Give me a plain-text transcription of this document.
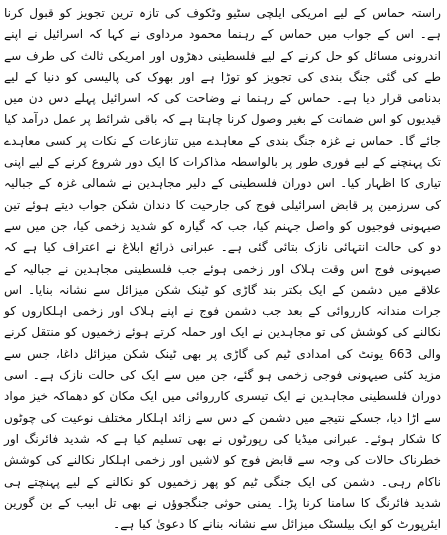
راستہ حماس کے لیے امریکی ایلچی سٹیو وٹکوف کی تازہ ترین تجویز کو قبول کرنا ہے۔ اس کے جواب میں حماس کے رہنما محمود مرداوی نے کہا کہ اسرائیل نے اپنے اندرونی مسائل کو حل کرنے کے لیے فلسطینی دھڑوں اور امریکی ثالث کی طرف سے طے کی گئی جنگ بندی کی تجویز کو توڑا ہے اور بھوک کی پالیسی کو دنیا کے لیے بدنامی قرار دیا ہے۔ حماس کے رہنما نے وضاحت کی کہ اسرائیل پہلے دس دن میں قیدیوں کو اس ضمانت کے بغیر وصول کرنا چاہتا ہے کہ باقی شرائط پر عمل درآمد کیا جائے گا۔ حماس نے غزہ جنگ بندی کے معاہدے میں تنازعات کے نکات پر کسی معاہدے تک پہنچنے کے لیے فوری طور پر بالواسطہ مذاکرات کا ایک دور شروع کرنے کے لیے اپنی تیاری کا اظہار کیا۔ اس دوران فلسطینی کے دلیر مجاہدین نے شمالی غزہ کے جبالیہ کی سرزمین پر قابض اسرائیلی فوج کی جارحیت کا دندان شکن جواب دیتے ہوئے تین صیہونی فوجیوں کو واصل جہنم کیا، جب کہ گیارہ کو شدید زخمی کیا، جن میں سے دو کی حالت انتہائی نازک بتائی گئی ہے۔ عبرانی ذرائع ابلاغ نے اعتراف کیا ہے کہ صیہونی فوج اس وقت ہلاک اور زخمی ہوئے جب فلسطینی مجاہدین نے جبالیہ کے علاقے میں دشمن کے ایک بکتر بند گاڑی کو ٹینک شکن میزائل سے نشانہ بنایا۔ اس جرات مندانہ کارروائی کے بعد جب دشمن فوج نے اپنے ہلاک اور زخمی اہلکاروں کو نکالنے کی کوشش کی تو مجاہدین نے ایک اور حملہ کرتے ہوئے زخمیوں کو منتقل کرنے والی 663 یونٹ کی امدادی ٹیم کی گاڑی پر بھی ٹینک شکن میزائل داغا، جس سے مزید کئی صیہونی فوجی زخمی ہو گئے، جن میں سے ایک کی حالت نازک ہے۔ اسی دوران فلسطینی مجاہدین نے ایک تیسری کارروائی میں ایک مکان کو دھماکہ خیز مواد سے اڑا دیا، جسکے نتیجے میں دشمن کے دس سے زائد اہلکار مختلف نوعیت کی چوٹوں کا شکار ہوئے۔ عبرانی میڈیا کی رپورٹوں نے بھی تسلیم کیا ہے کہ شدید فائرنگ اور خطرناک حالات کی وجہ سے قابض فوج کو لاشیں اور زخمی اہلکار نکالنے کی کوشش ناکام رہی۔ دشمن کی ایک جنگی ٹیم کو پھر زخمیوں کو نکالنے کے لیے پہنچتے ہی شدید فائرنگ کا سامنا کرنا پڑا۔ یمنی حوثی جنگجوؤں نے بھی تل ابیب کے بن گورین ایئرپورٹ کو ایک بیلسٹک میزائل سے نشانہ بنانے کا دعویٰ کیا ہے۔
